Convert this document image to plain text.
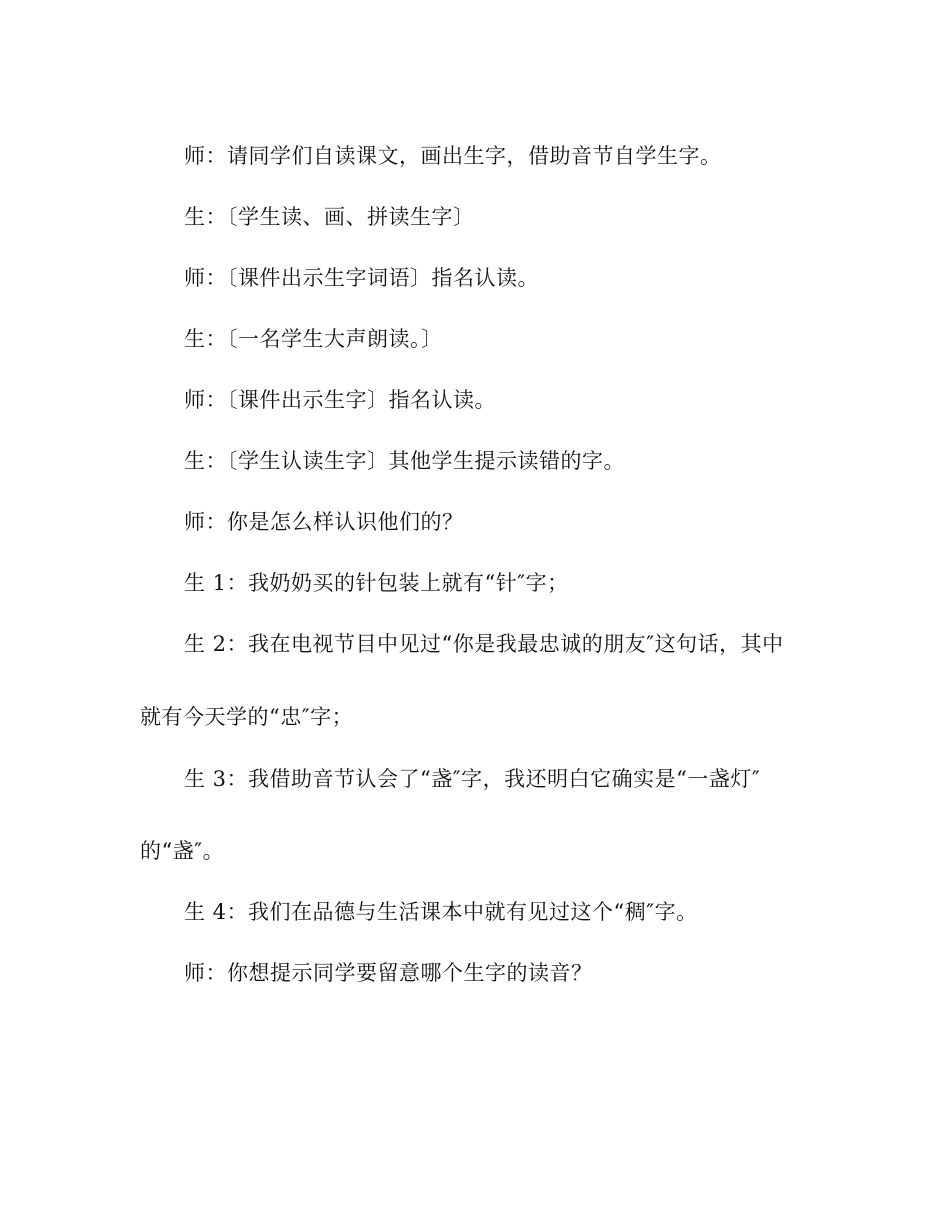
师：请同学们自读课文，画出生字，借助音节自学生字。
生：〔学生读、画、拼读生字〕
师：〔课件出示生字词语〕指名认读。
生：〔一名学生大声朗读。〕
师：〔课件出示生字〕指名认读。
生：〔学生认读生字〕其他学生提示读错的字。
师：你是怎么样认识他们的？
生 1：我奶奶买的针包装上就有“针″字；
生 2：我在电视节目中见过“你是我最忠诚的朋友″这句话，其中
就有今天学的“忠″字；
生 3：我借助音节认会了“盏″字，我还明白它确实是“一盏灯″
的“盏″。
生 4：我们在品德与生活课本中就有见过这个“稠″字。
师：你想提示同学要留意哪个生字的读音？
